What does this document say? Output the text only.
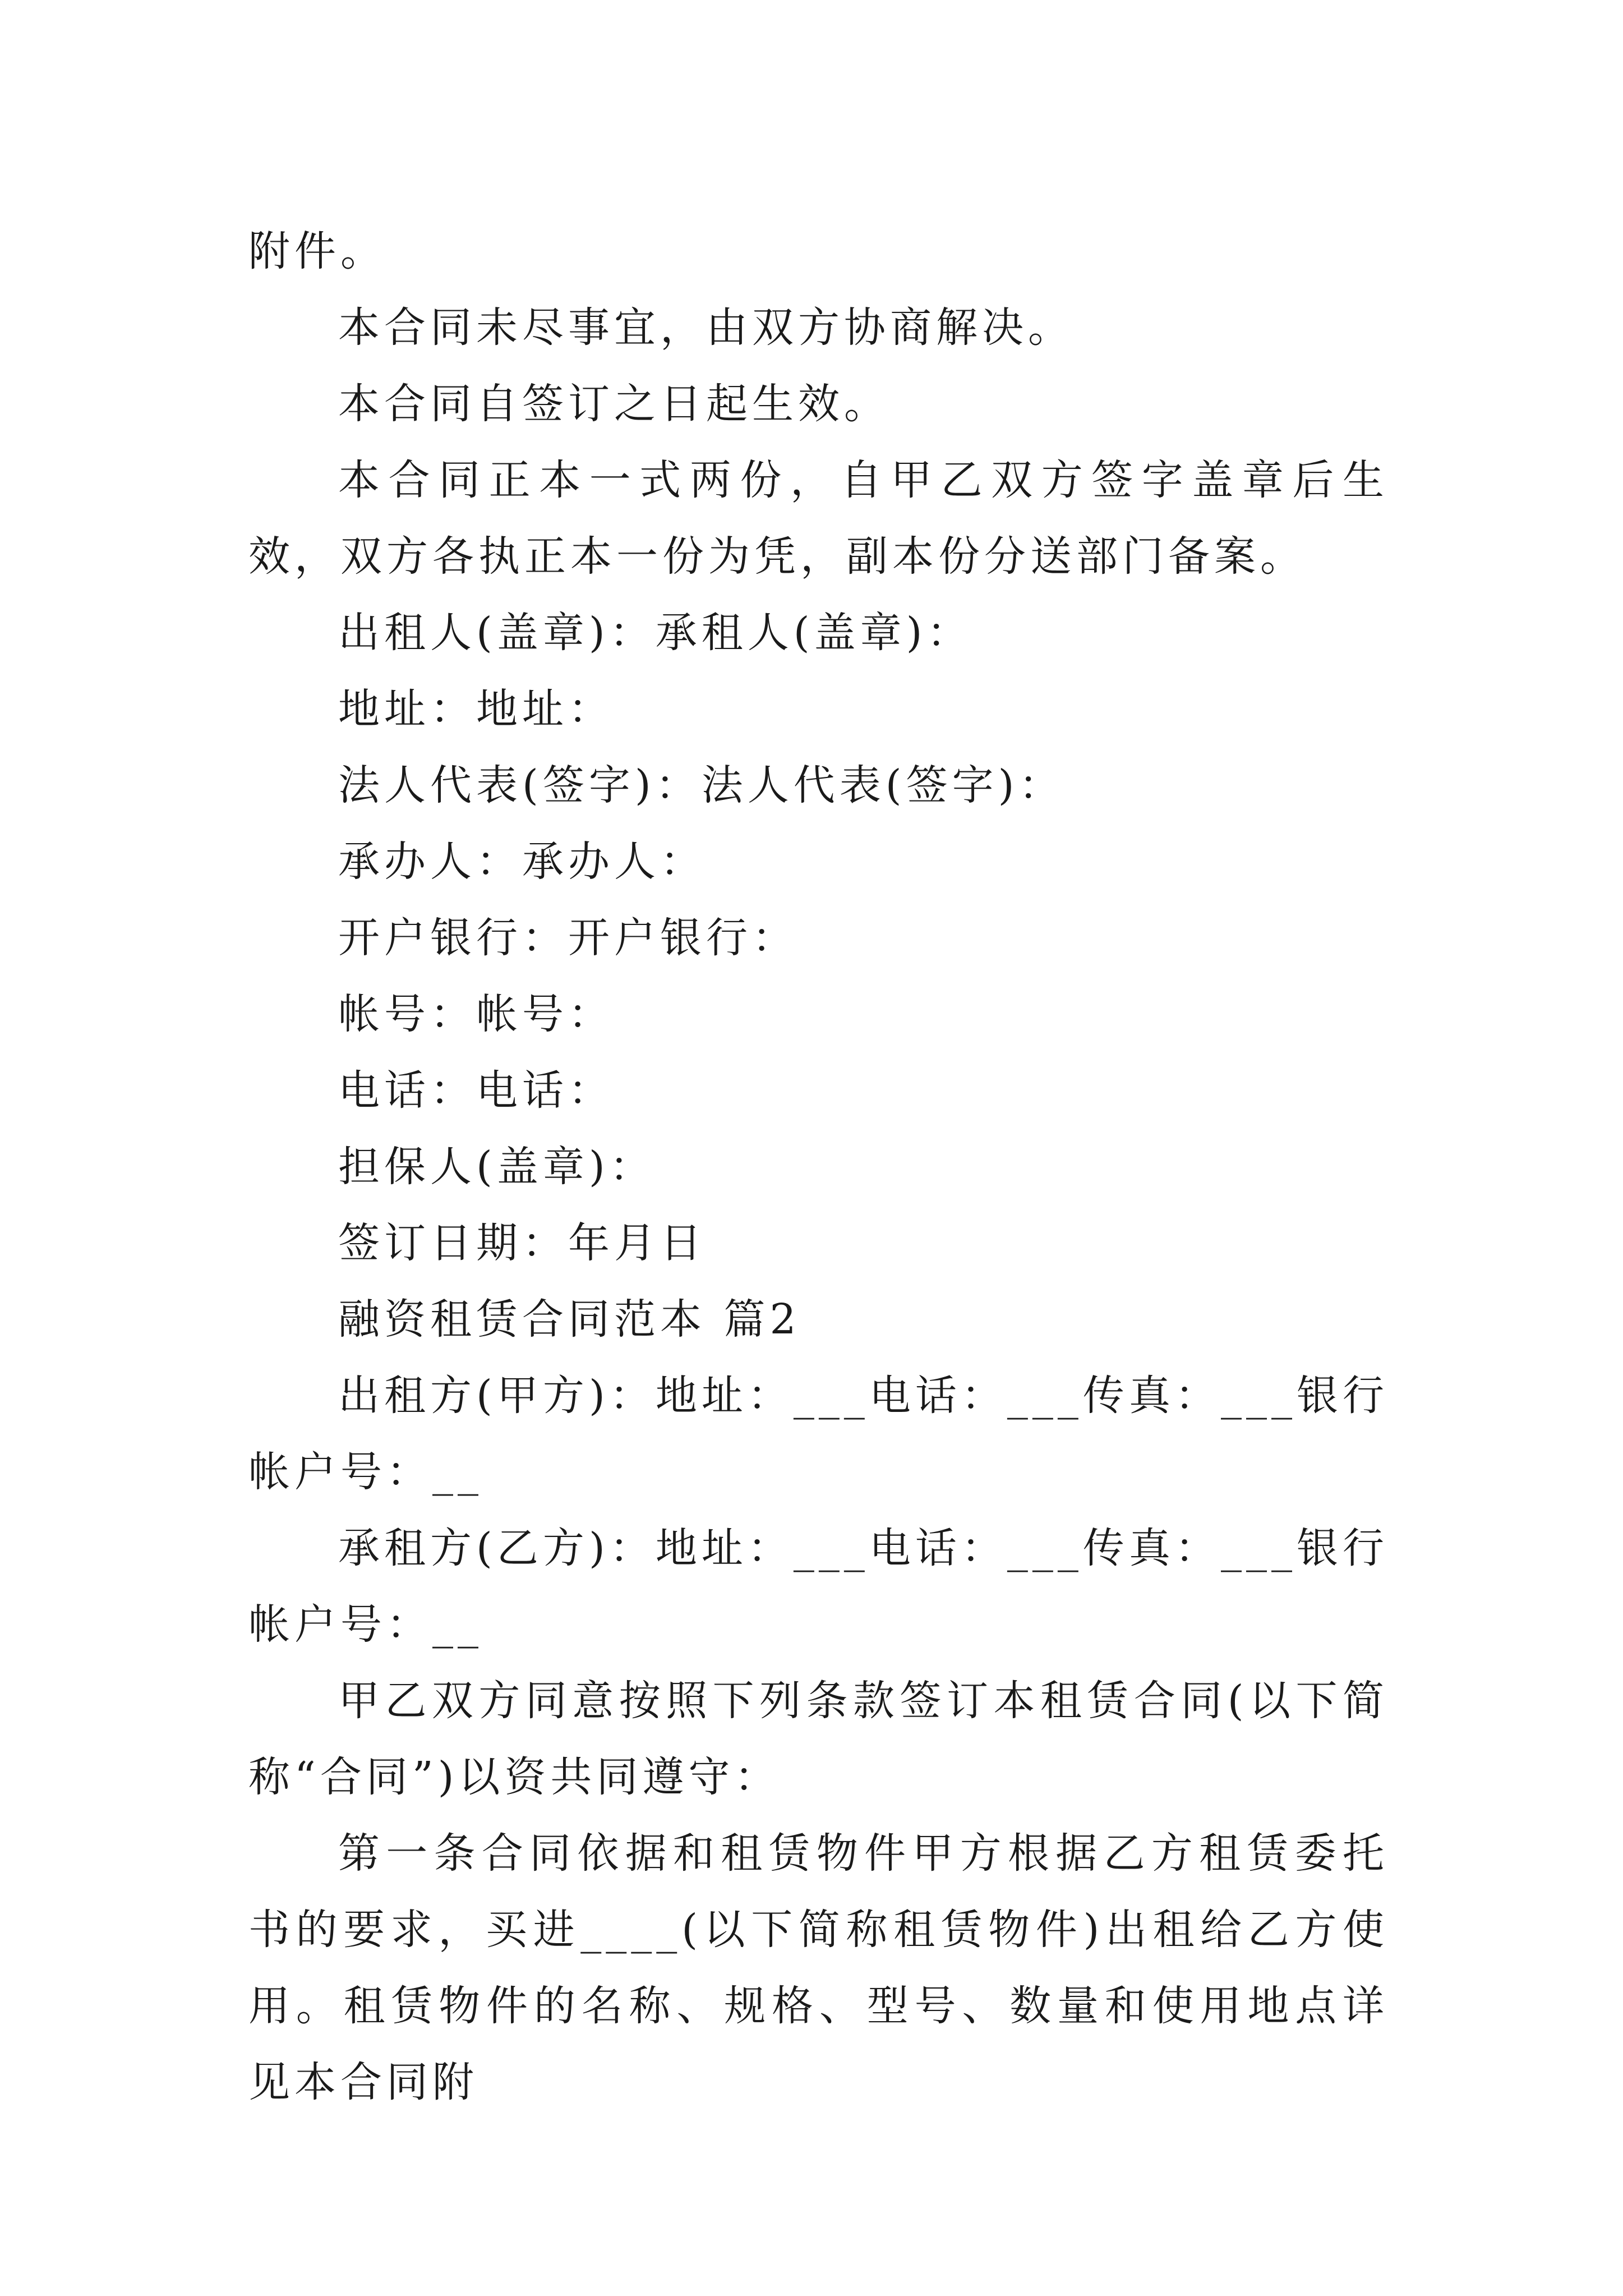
附件。

本合同未尽事宜，由双方协商解决。

本合同自签订之日起生效。

本合同正本一式两份，自甲乙双方签字盖章后生效，双方各执正本一份为凭，副本份分送部门备案。

出租人(盖章)：承租人(盖章)：

地址：地址：

法人代表(签字)：法人代表(签字)：

承办人：承办人：

开户银行：开户银行：

帐号：帐号：

电话：电话：

担保人(盖章)：

签订日期：年月日

融资租赁合同范本 篇2

出租方(甲方)：地址：___电话：___传真：___银行帐户号：__

承租方(乙方)：地址：___电话：___传真：___银行帐户号：__

甲乙双方同意按照下列条款签订本租赁合同(以下简称“合同”)以资共同遵守：

第一条合同依据和租赁物件甲方根据乙方租赁委托书的要求，买进____(以下简称租赁物件)出租给乙方使用。租赁物件的名称、规格、型号、数量和使用地点详见本合同附
